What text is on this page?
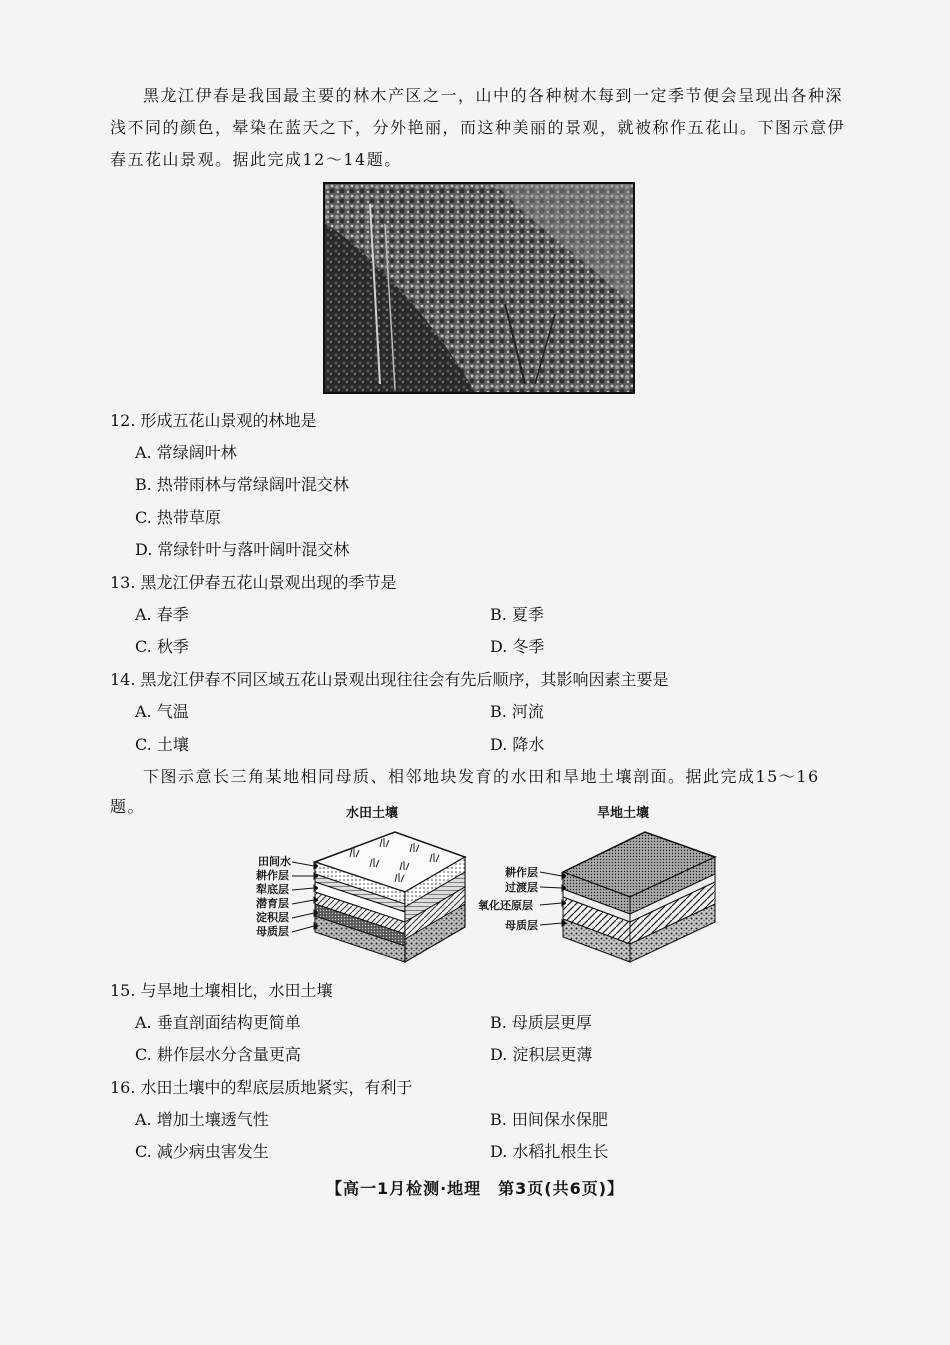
黑龙江伊春是我国最主要的林木产区之一，山中的各种树木每到一定季节便会呈现出各种深浅不同的颜色，晕染在蓝天之下，分外艳丽，而这种美丽的景观，就被称作五花山。下图示意伊春五花山景观。据此完成12～14题。

12. 形成五花山景观的林地是

A. 常绿阔叶林

B. 热带雨林与常绿阔叶混交林

C. 热带草原

D. 常绿针叶与落叶阔叶混交林

13. 黑龙江伊春五花山景观出现的季节是

A. 春季	B. 夏季

C. 秋季	D. 冬季

14. 黑龙江伊春不同区域五花山景观出现往往会有先后顺序，其影响因素主要是

A. 气温	B. 河流

C. 土壤	D. 降水

下图示意长三角某地相同母质、相邻地块发育的水田和旱地土壤剖面。据此完成15～16题。	水田土壤

田间水
耕作层
犁底层
潜育层
淀积层
母质层

旱地土壤

耕作层
过渡层
氧化还原层
母质层

15. 与旱地土壤相比，水田土壤

A. 垂直剖面结构更简单	B. 母质层更厚

C. 耕作层水分含量更高	D. 淀积层更薄

16. 水田土壤中的犁底层质地紧实，有利于

A. 增加土壤透气性	B. 田间保水保肥

C. 减少病虫害发生	D. 水稻扎根生长

【高一1月检测·地理　第3页(共6页)】
